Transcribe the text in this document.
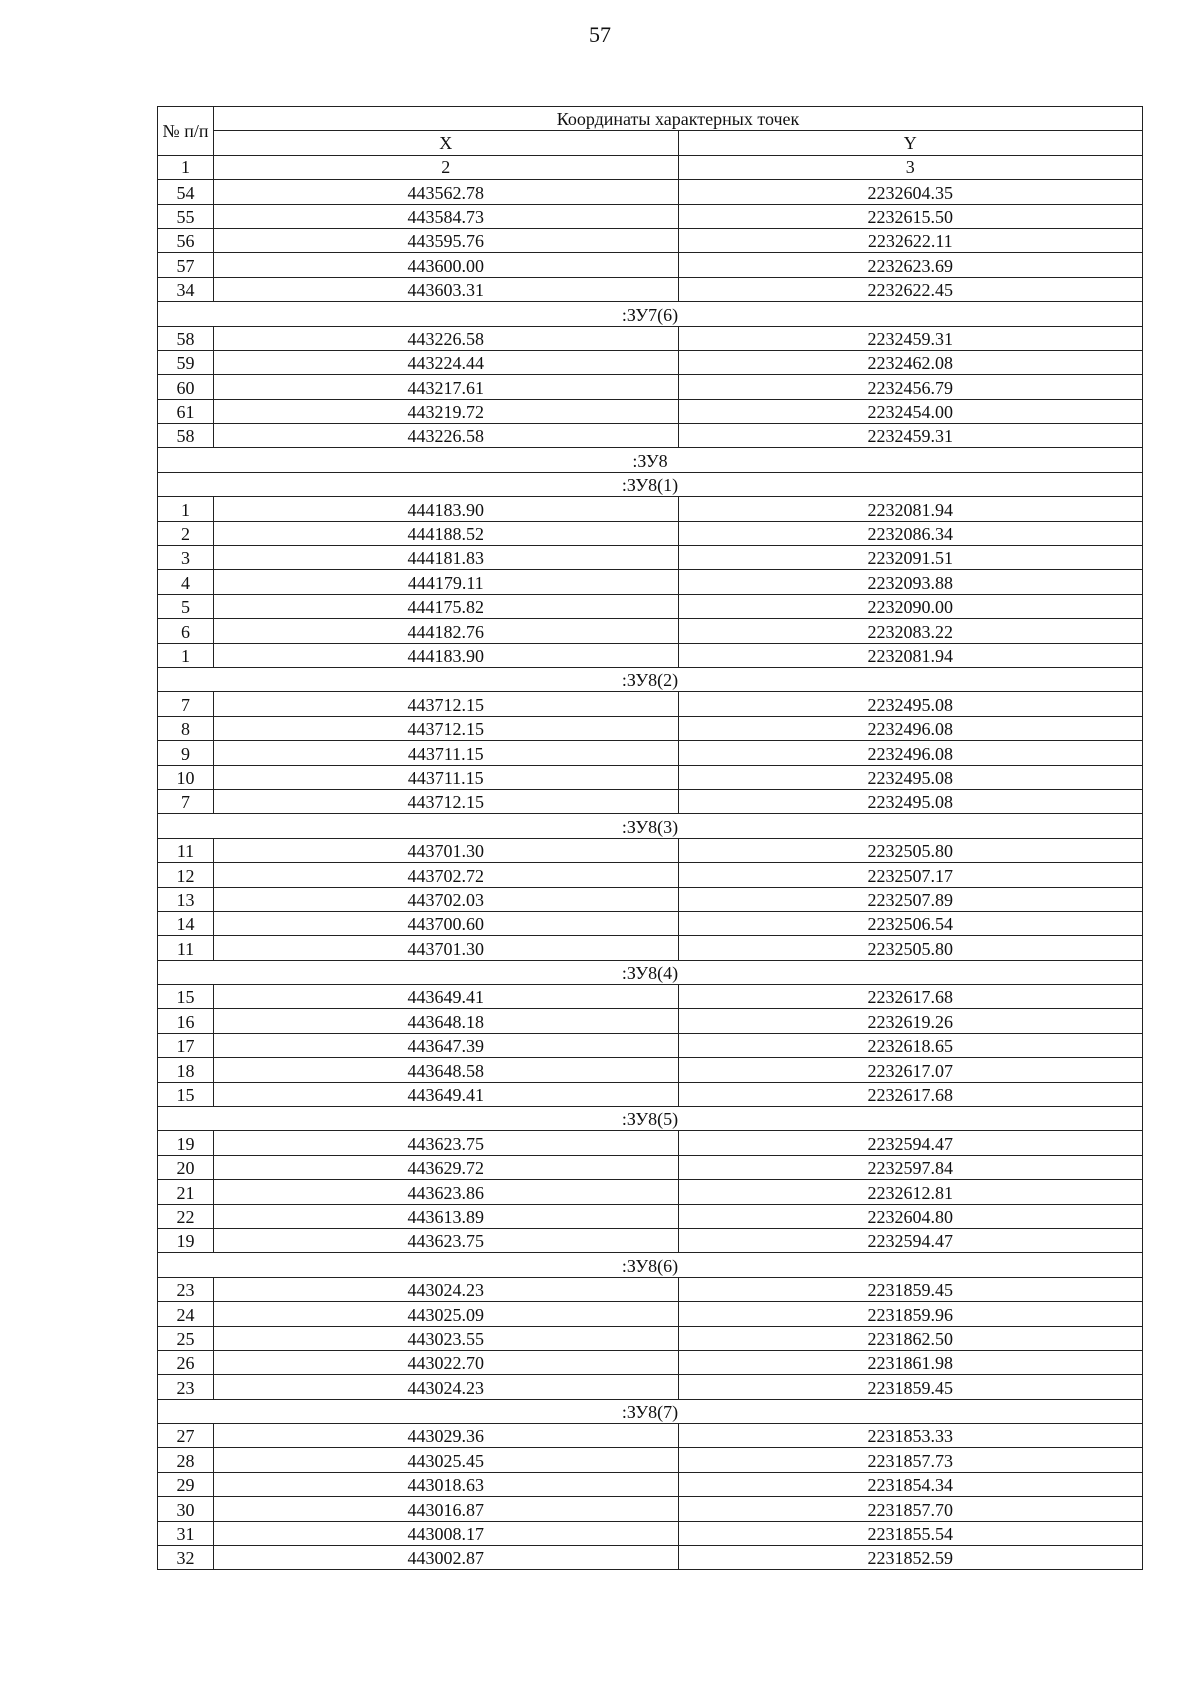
57
№ п/п	Координаты характерных точек	
	X	Y
1	2	3
54	443562.78	2232604.35
55	443584.73	2232615.50
56	443595.76	2232622.11
57	443600.00	2232623.69
34	443603.31	2232622.45
:ЗУ7(6)		
58	443226.58	2232459.31
59	443224.44	2232462.08
60	443217.61	2232456.79
61	443219.72	2232454.00
58	443226.58	2232459.31
:ЗУ8		
:ЗУ8(1)		
1	444183.90	2232081.94
2	444188.52	2232086.34
3	444181.83	2232091.51
4	444179.11	2232093.88
5	444175.82	2232090.00
6	444182.76	2232083.22
1	444183.90	2232081.94
:ЗУ8(2)		
7	443712.15	2232495.08
8	443712.15	2232496.08
9	443711.15	2232496.08
10	443711.15	2232495.08
7	443712.15	2232495.08
:ЗУ8(3)		
11	443701.30	2232505.80
12	443702.72	2232507.17
13	443702.03	2232507.89
14	443700.60	2232506.54
11	443701.30	2232505.80
:ЗУ8(4)		
15	443649.41	2232617.68
16	443648.18	2232619.26
17	443647.39	2232618.65
18	443648.58	2232617.07
15	443649.41	2232617.68
:ЗУ8(5)		
19	443623.75	2232594.47
20	443629.72	2232597.84
21	443623.86	2232612.81
22	443613.89	2232604.80
19	443623.75	2232594.47
:ЗУ8(6)		
23	443024.23	2231859.45
24	443025.09	2231859.96
25	443023.55	2231862.50
26	443022.70	2231861.98
23	443024.23	2231859.45
:ЗУ8(7)		
27	443029.36	2231853.33
28	443025.45	2231857.73
29	443018.63	2231854.34
30	443016.87	2231857.70
31	443008.17	2231855.54
32	443002.87	2231852.59
